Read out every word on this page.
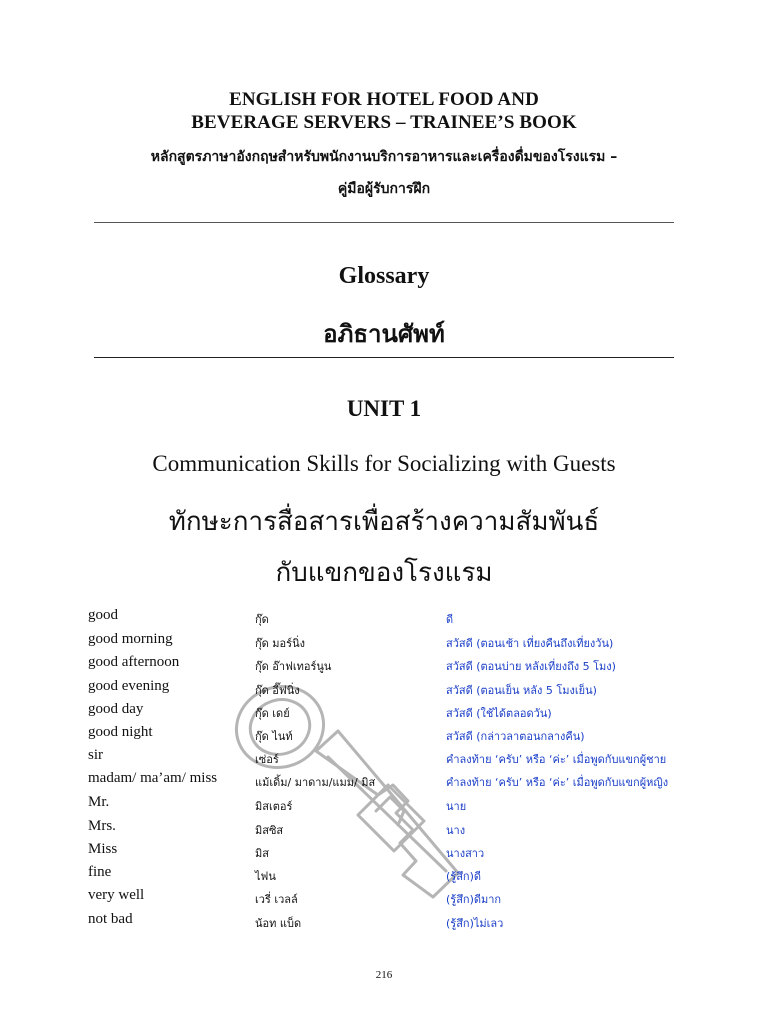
ENGLISH FOR HOTEL FOOD AND
BEVERAGE SERVERS – TRAINEE’S BOOK
หลักสูตรภาษาอังกฤษสำหรับพนักงานบริการอาหารและเครื่องดื่มของโรงแรม –
คู่มือผู้รับการฝึก
Glossary
อภิธานศัพท์
UNIT 1
Communication Skills for Socializing with Guests
ทักษะการสื่อสารเพื่อสร้างความสัมพันธ์
กับแขกของโรงแรม
good	กุ๊ด	ดี
good morning	กุ๊ด มอร์นิ่ง	สวัสดี (ตอนเช้า เที่ยงคืนถึงเที่ยงวัน)
good afternoon	กุ๊ด อ๊าฟเทอร์นูน	สวัสดี (ตอนบ่าย หลังเที่ยงถึง 5 โมง)
good evening	กุ๊ด อี๊ฟนิ่ง	สวัสดี (ตอนเย็น หลัง 5 โมงเย็น)
good day	กุ๊ด เดย์	สวัสดี (ใช้ได้ตลอดวัน)
good night	กุ๊ด ไนท์	สวัสดี (กล่าวลาตอนกลางคืน)
sir	เซ่อร์	คำลงท้าย ‘ครับ’ หรือ ‘ค่ะ’ เมื่อพูดกับแขกผู้ชาย
madam/ ma’am/ miss	แม้เดิ้ม/ มาดาม/แมม/ มิส	คำลงท้าย ‘ครับ’ หรือ ‘ค่ะ’ เมื่อพูดกับแขกผู้หญิง
Mr.	มิสเตอร์	นาย
Mrs.	มิสซิส	นาง
Miss	มิส	นางสาว
fine	ไฟน	(รู้สึก)ดี
very well	เวรี่ เวลล์	(รู้สึก)ดีมาก
not bad	น้อท แบ็ด	(รู้สึก)ไม่เลว
216
